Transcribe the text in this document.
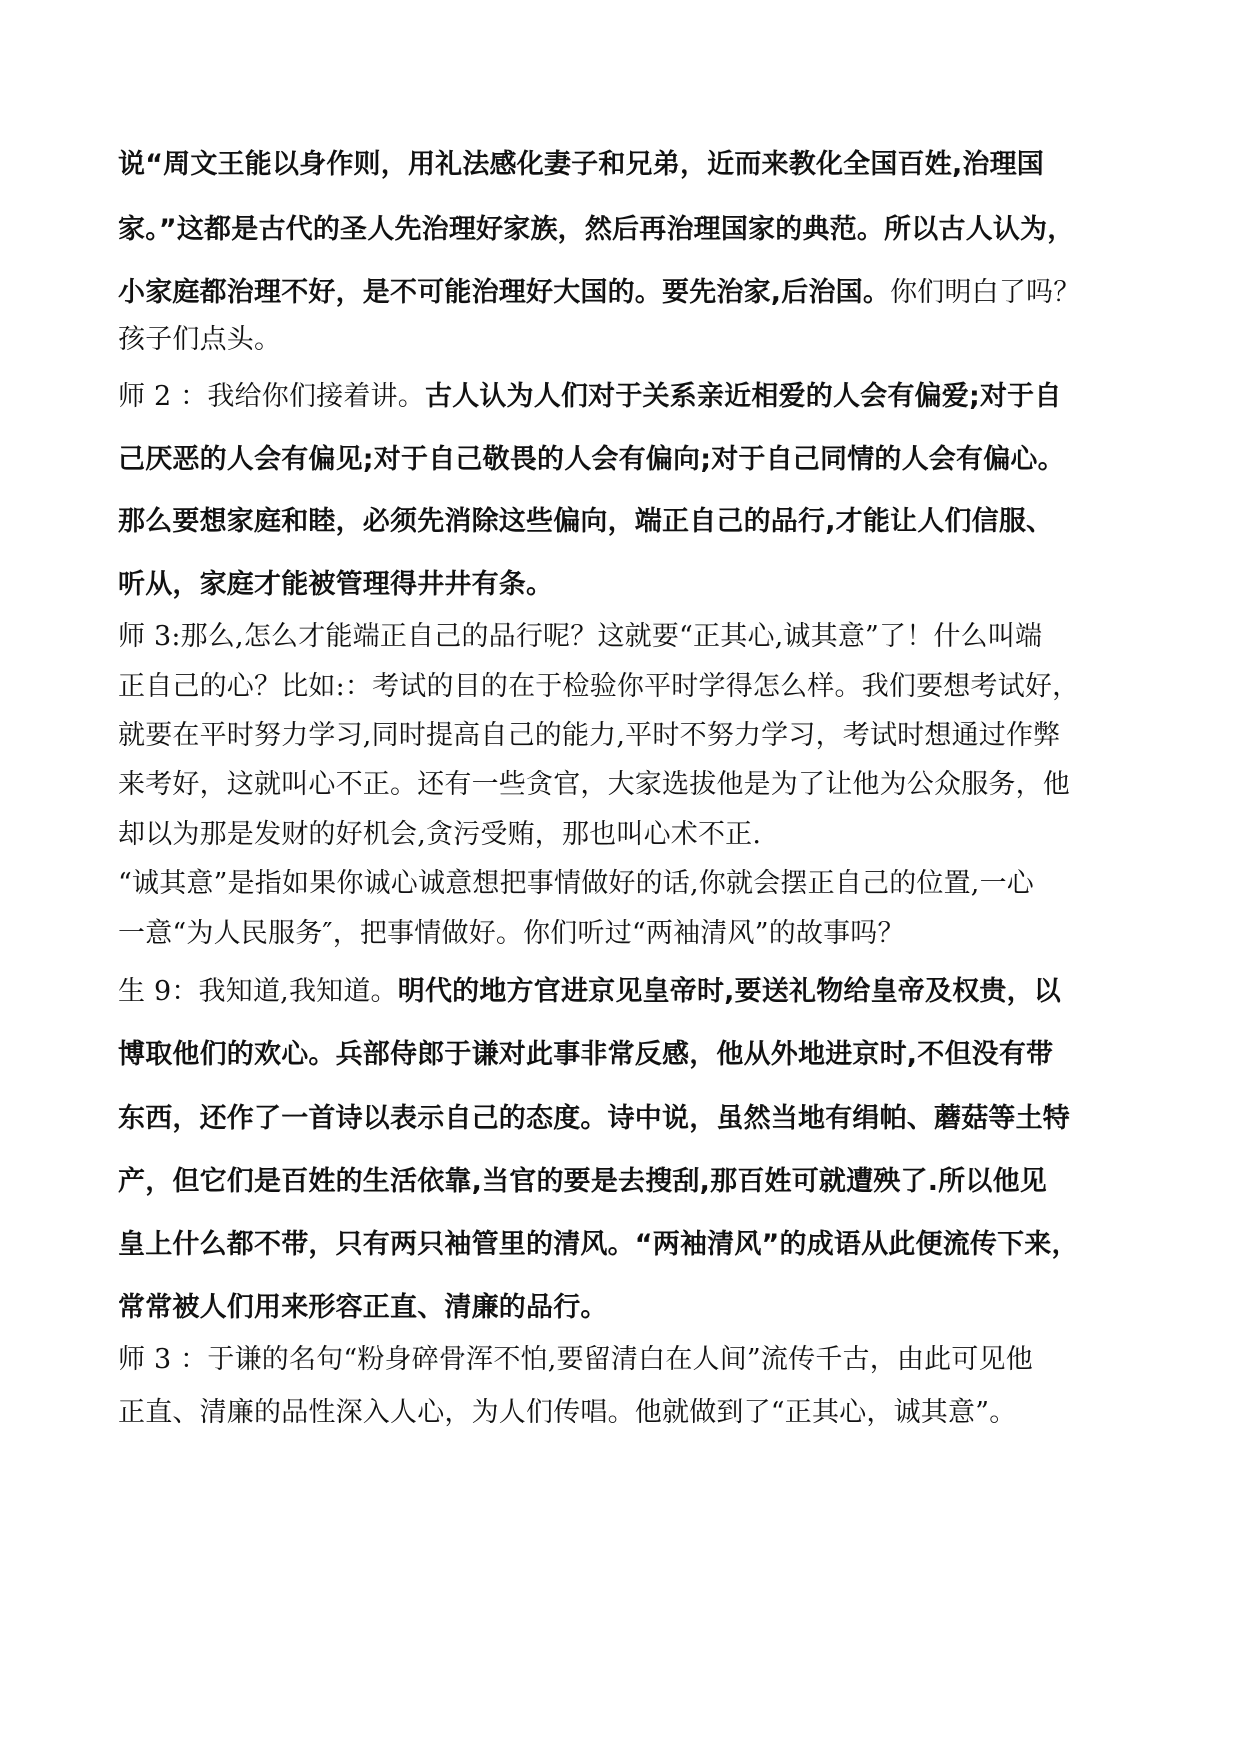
说“周文王能以身作则，用礼法感化妻子和兄弟，近而来教化全国百姓,治理国
家。”这都是古代的圣人先治理好家族，然后再治理国家的典范。所以古人认为，
小家庭都治理不好，是不可能治理好大国的。要先治家,后治国。你们明白了吗？
孩子们点头。
师 2 ：我给你们接着讲。古人认为人们对于关系亲近相爱的人会有偏爱;对于自
己厌恶的人会有偏见;对于自己敬畏的人会有偏向;对于自己同情的人会有偏心。
那么要想家庭和睦，必须先消除这些偏向，端正自己的品行,才能让人们信服、
听从，家庭才能被管理得井井有条。
师 3:那么,怎么才能端正自己的品行呢？这就要“正其心,诚其意”了！什么叫端
正自己的心？比如:：考试的目的在于检验你平时学得怎么样。我们要想考试好，
就要在平时努力学习,同时提高自己的能力,平时不努力学习，考试时想通过作弊
来考好，这就叫心不正。还有一些贪官，大家选拔他是为了让他为公众服务，他
却以为那是发财的好机会,贪污受贿，那也叫心术不正.
“诚其意”是指如果你诚心诚意想把事情做好的话,你就会摆正自己的位置,一心
一意“为人民服务″，把事情做好。你们听过“两袖清风”的故事吗？
生 9：我知道,我知道。明代的地方官进京见皇帝时,要送礼物给皇帝及权贵，以
博取他们的欢心。兵部侍郎于谦对此事非常反感，他从外地进京时,不但没有带
东西，还作了一首诗以表示自己的态度。诗中说，虽然当地有绢帕、蘑菇等土特
产，但它们是百姓的生活依靠,当官的要是去搜刮,那百姓可就遭殃了.所以他见
皇上什么都不带，只有两只袖管里的清风。“两袖清风”的成语从此便流传下来，
常常被人们用来形容正直、清廉的品行。
师 3 ：于谦的名句“粉身碎骨浑不怕,要留清白在人间”流传千古，由此可见他
正直、清廉的品性深入人心，为人们传唱。他就做到了“正其心，诚其意”。
